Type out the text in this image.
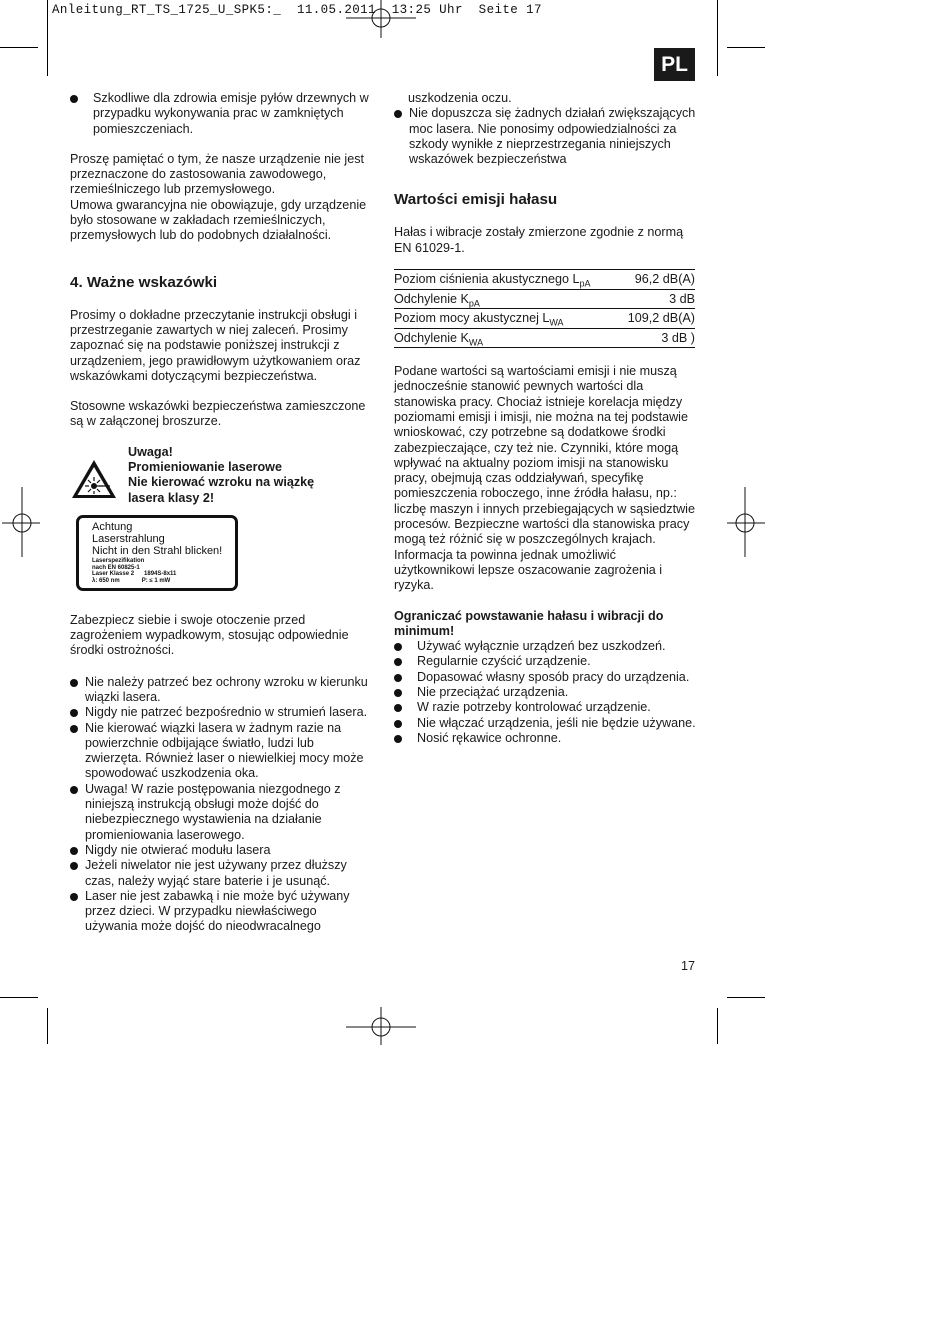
Anleitung_RT_TS_1725_U_SPK5:_  11.05.2011  13:25 Uhr  Seite 17
PL
Szkodliwe dla zdrowia emisje pyłów drzewnych w przypadku wykonywania prac w zamkniętych pomieszczeniach.

Proszę pamiętać o tym, że nasze urządzenie nie jest przeznaczone do zastosowania zawodowego, rzemieślniczego lub przemysłowego.

Umowa gwarancyjna nie obowiązuje, gdy urządzenie było stosowane w zakładach rzemieślniczych, przemysłowych lub do podobnych działalności.

4. Ważne wskazówki

Prosimy o dokładne przeczytanie instrukcji obsługi i przestrzeganie zawartych w niej zaleceń. Prosimy zapoznać się na podstawie poniższej instrukcji z urządzeniem, jego prawidłowym użytkowaniem oraz wskazówkami dotyczącymi bezpieczeństwa.

Stosowne wskazówki bezpieczeństwa zamieszczone są w załączonej broszurze.

Uwaga!
Promieniowanie laserowe
Nie kierować wzroku na wiązkę
lasera klasy 2!
Achtung
Laserstrahlung
Nicht in den Strahl blicken!
Laserspezifikation
nach EN 60825-1
Laser Klasse 2 1894S-8x11
λ: 650 nm	P: ≤ 1 mW

Zabezpiecz siebie i swoje otoczenie przed zagrożeniem wypadkowym, stosując odpowiednie środki ostrożności.

Nie należy patrzeć bez ochrony wzroku w kierunku wiązki lasera.
Nigdy nie patrzeć bezpośrednio w strumień lasera.
Nie kierować wiązki lasera w żadnym razie na powierzchnie odbijające światło, ludzi lub zwierzęta. Również laser o niewielkiej mocy może spowodować uszkodzenia oka.
Uwaga! W razie postępowania niezgodnego z niniejszą instrukcją obsługi może dojść do niebezpiecznego wystawienia na działanie promieniowania laserowego.
Nigdy nie otwierać modułu lasera
Jeżeli niwelator nie jest używany przez dłuższy czas, należy wyjąć stare baterie i je usunąć.
Laser nie jest zabawką i nie może być używany przez dzieci. W przypadku niewłaściwego używania może dojść do nieodwracalnego

uszkodzenia oczu.

Nie dopuszcza się żadnych działań zwiększających moc lasera. Nie ponosimy odpowiedzialności za szkody wynikłe z nieprzestrzegania niniejszych wskazówek bezpieczeństwa
Wartości emisji hałasu

Hałas i wibracje zostały zmierzone zgodnie z normą EN 61029-1.

Poziom ciśnienia akustycznego $L_{pA}$	96,2 dB(A)
Odchylenie $K_{pA}$	3 dB
Poziom mocy akustycznej $L_{WA}$	109,2 dB(A)
Odchylenie $K_{WA}$	3 dB )

Podane wartości są wartościami emisji i nie muszą jednocześnie stanowić pewnych wartości dla stanowiska pracy. Chociaż istnieje korelacja między poziomami emisji i imisji, nie można na tej podstawie wnioskować, czy potrzebne są dodatkowe środki zabezpieczające, czy też nie. Czynniki, które mogą wpływać na aktualny poziom imisji na stanowisku pracy, obejmują czas oddziaływań, specyfikę pomieszczenia roboczego, inne źródła hałasu, np.: liczbę maszyn i innych przebiegających w sąsiedztwie procesów. Bezpieczne wartości dla stanowiska pracy mogą też różnić się w poszczególnych krajach. Informacja ta powinna jednak umożliwić użytkownikowi lepsze oszacowanie zagrożenia i ryzyka.

Ograniczać powstawanie hałasu i wibracji do minimum!

Używać wyłącznie urządzeń bez uszkodzeń.
Regularnie czyścić urządzenie.
Dopasować własny sposób pracy do urządzenia.
Nie przeciążać urządzenia.
W razie potrzeby kontrolować urządzenie.
Nie włączać urządzenia, jeśli nie będzie używane.
Nosić rękawice ochronne.
17
